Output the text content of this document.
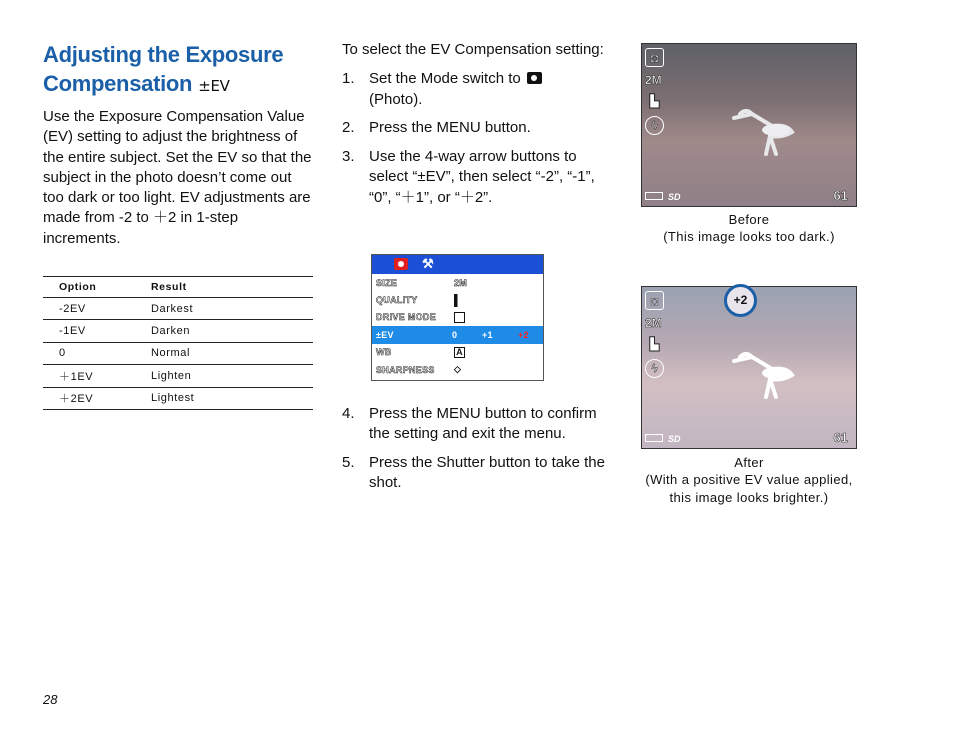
Adjusting the Exposure
Compensation ±EV

Use the Exposure Compensation Value (EV) setting to adjust the brightness of the entire subject. Set the EV so that the subject in the photo doesn’t come out too dark or too light. EV adjustments are made from -2 to ＋2 in 1-step increments.

Option	Result
-2EV	Darkest
-1EV	Darken
0	Normal
＋1EV	Lighten
＋2EV	Lightest

To select the EV Compensation setting:

1. Set the Mode switch to
(Photo).
2. Press the MENU button.
3. Use the 4-way arrow buttons to select “±EV”, then select “-2”, “-1”, “0”, “＋1”, or “＋2”.
⚒
SIZE	2M
QUALITY
DRIVE MODE
±EV	0	+1	+2
WB	A
SHARPNESS ◇
4. Press the MENU button to confirm the setting and exit the menu.
5. Press the Shutter button to take the shot.
◘
2M
▙
ϟ
SD	61
Before
(This image looks too dark.)
◘
2M
▙
ϟ
SD	61
+2
After
(With a positive EV value applied, this image looks brighter.)
28
